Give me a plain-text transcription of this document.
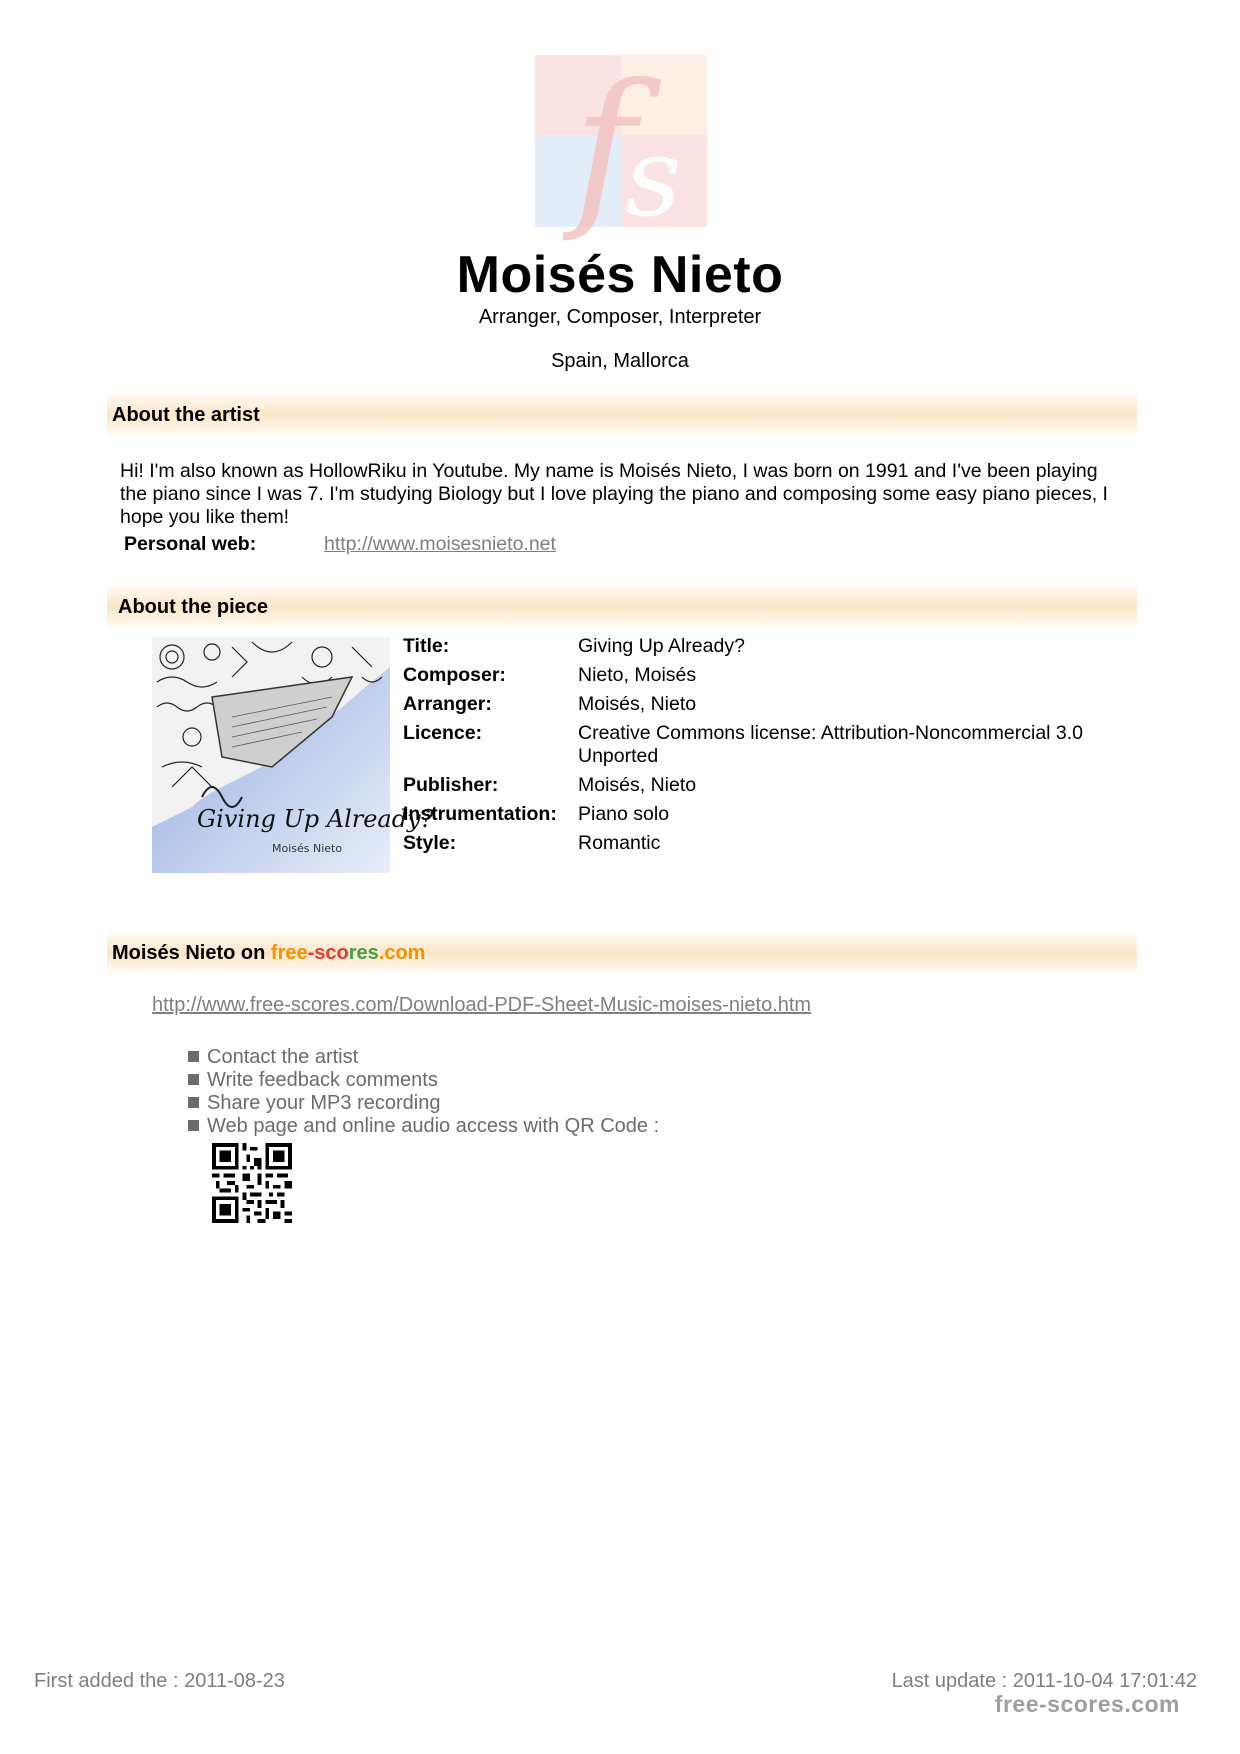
f
s
Moisés Nieto
Arranger, Composer, Interpreter
Spain, Mallorca
About the artist
Hi! I'm also known as HollowRiku in Youtube. My name is Moisés Nieto, I was born on 1991 and I've been playing the piano since I was 7. I'm studying Biology but I love playing the piano and composing some easy piano pieces, I hope you like them!
Personal web:	http://www.moisesnieto.net
About the piece
Giving Up Already?
Moisés Nieto
Title:	Giving Up Already?
Composer:	Nieto, Moisés
Arranger:	Moisés, Nieto
Licence:	Creative Commons license: Attribution-Noncommercial 3.0 Unported
Publisher:	Moisés, Nieto
Instrumentation:	Piano solo
Style:	Romantic
Moisés Nieto on free-scores.com
http://www.free-scores.com/Download-PDF-Sheet-Music-moises-nieto.htm
Contact the artist
Write feedback comments
Share your MP3 recording
Web page and online audio access with QR Code :
First added the : 2011-08-23	Last update : 2011-10-04 17:01:42
free-scores.com
